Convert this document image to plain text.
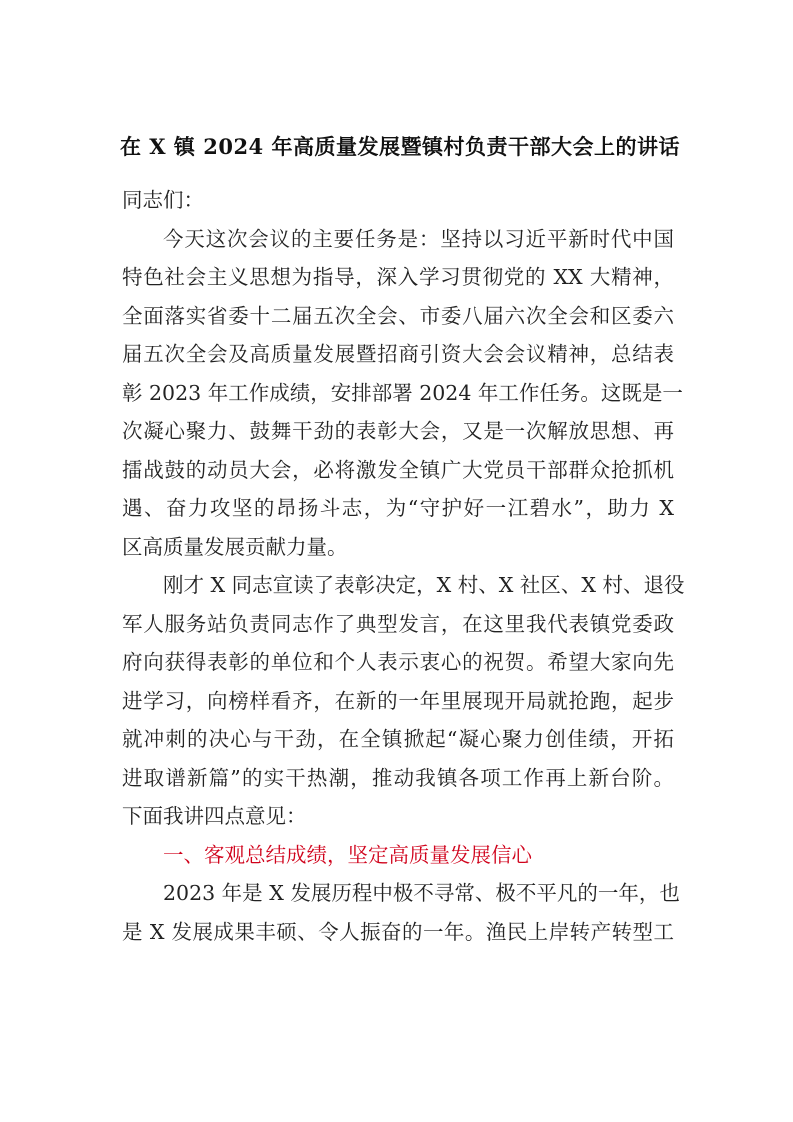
在 X 镇 2024 年高质量发展暨镇村负责干部大会上的讲话
同志们：
今天这次会议的主要任务是：坚持以习近平新时代中国
特色社会主义思想为指导，深入学习贯彻党的 XX 大精神，
全面落实省委十二届五次全会、市委八届六次全会和区委六
届五次全会及高质量发展暨招商引资大会会议精神，总结表
彰 2023 年工作成绩，安排部署 2024 年工作任务。这既是一
次凝心聚力、鼓舞干劲的表彰大会，又是一次解放思想、再
擂战鼓的动员大会，必将激发全镇广大党员干部群众抢抓机
遇、奋力攻坚的昂扬斗志，为“守护好一江碧水”，助力 X
区高质量发展贡献力量。
刚才 X 同志宣读了表彰决定，X 村、X 社区、X 村、退役
军人服务站负责同志作了典型发言，在这里我代表镇党委政
府向获得表彰的单位和个人表示衷心的祝贺。希望大家向先
进学习，向榜样看齐，在新的一年里展现开局就抢跑，起步
就冲刺的决心与干劲，在全镇掀起“凝心聚力创佳绩，开拓
进取谱新篇”的实干热潮，推动我镇各项工作再上新台阶。
下面我讲四点意见：
一、客观总结成绩，坚定高质量发展信心
2023 年是 X 发展历程中极不寻常、极不平凡的一年，也
是 X 发展成果丰硕、令人振奋的一年。渔民上岸转产转型工
